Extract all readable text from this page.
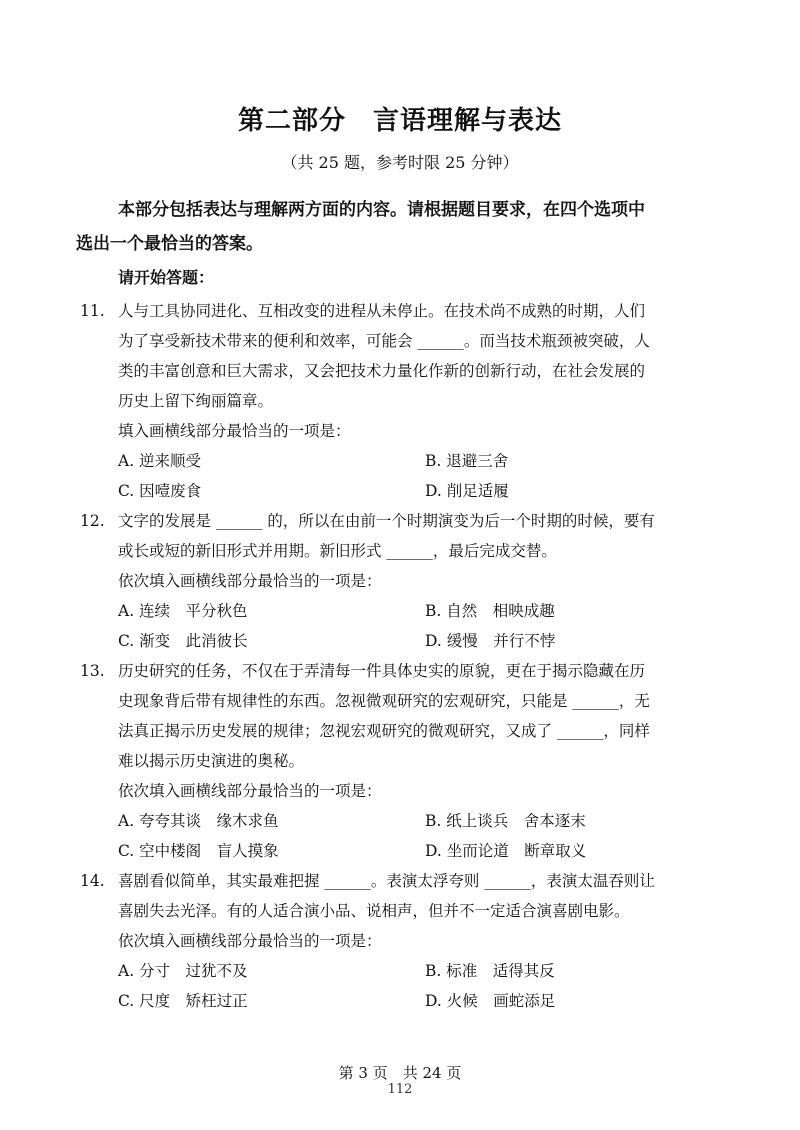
第二部分　言语理解与表达
（共 25 题，参考时限 25 分钟）
本部分包括表达与理解两方面的内容。请根据题目要求，在四个选项中
选出一个最恰当的答案。
请开始答题：
11. 人与工具协同进化、互相改变的进程从未停止。在技术尚不成熟的时期，人们
为了享受新技术带来的便利和效率，可能会 ______。而当技术瓶颈被突破，人
类的丰富创意和巨大需求，又会把技术力量化作新的创新行动，在社会发展的
历史上留下绚丽篇章。
填入画横线部分最恰当的一项是：
A. 逆来顺受	B. 退避三舍
C. 因噎废食	D. 削足适履
12. 文字的发展是 ______ 的，所以在由前一个时期演变为后一个时期的时候，要有
或长或短的新旧形式并用期。新旧形式 ______，最后完成交替。
依次填入画横线部分最恰当的一项是：
A. 连续　平分秋色	B. 自然　相映成趣
C. 渐变　此消彼长	D. 缓慢　并行不悖
13. 历史研究的任务，不仅在于弄清每一件具体史实的原貌，更在于揭示隐藏在历
史现象背后带有规律性的东西。忽视微观研究的宏观研究，只能是 ______，无
法真正揭示历史发展的规律；忽视宏观研究的微观研究，又成了 ______，同样
难以揭示历史演进的奥秘。
依次填入画横线部分最恰当的一项是：
A. 夸夸其谈　缘木求鱼	B. 纸上谈兵　舍本逐末
C. 空中楼阁　盲人摸象	D. 坐而论道　断章取义
14. 喜剧看似简单，其实最难把握 ______。表演太浮夸则 ______，表演太温吞则让
喜剧失去光泽。有的人适合演小品、说相声，但并不一定适合演喜剧电影。
依次填入画横线部分最恰当的一项是：
A. 分寸　过犹不及	B. 标准　适得其反
C. 尺度　矫枉过正	D. 火候　画蛇添足
第 3 页　共 24 页
112
